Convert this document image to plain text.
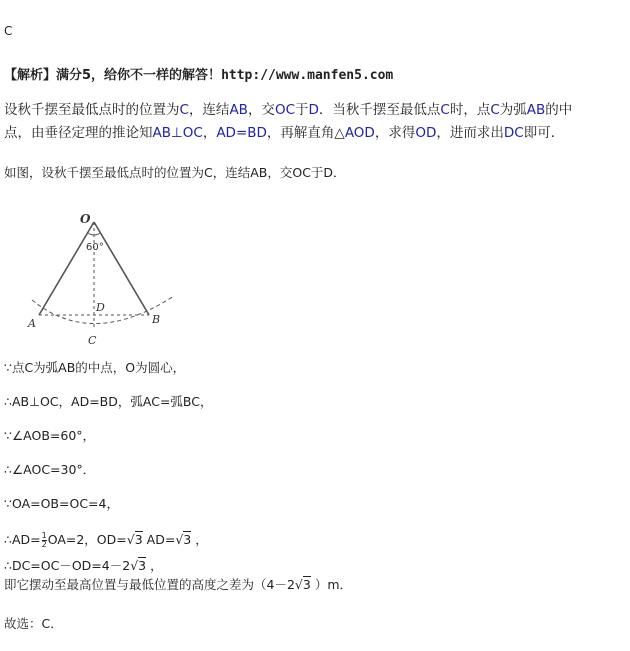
C
【解析】满分5，给你不一样的解答！http://www.manfen5.com
设秋千摆至最低点时的位置为C，连结AB，交OC于D．当秋千摆至最低点C时，点C为弧AB的中
点，由垂径定理的推论知AB⊥OC，AD=BD，再解直角△AOD，求得OD，进而求出DC即可．
如图，设秋千摆至最低点时的位置为C，连结AB，交OC于D．
O
60°
D
A	B
C
∵点C为弧AB的中点，O为圆心，
∴AB⊥OC，AD=BD，弧AC=弧BC，
∵∠AOB=60°，
∴∠AOC=30°．
∵OA=OB=OC=4，
∴AD= $\frac{1}{2} OA=2$，OD=√3 AD=√3 ，
∴DC=OC－OD=4－2√3 ，
即它摆动至最高位置与最低位置的高度之差为（4－2√3 ）m．
故选：C．
